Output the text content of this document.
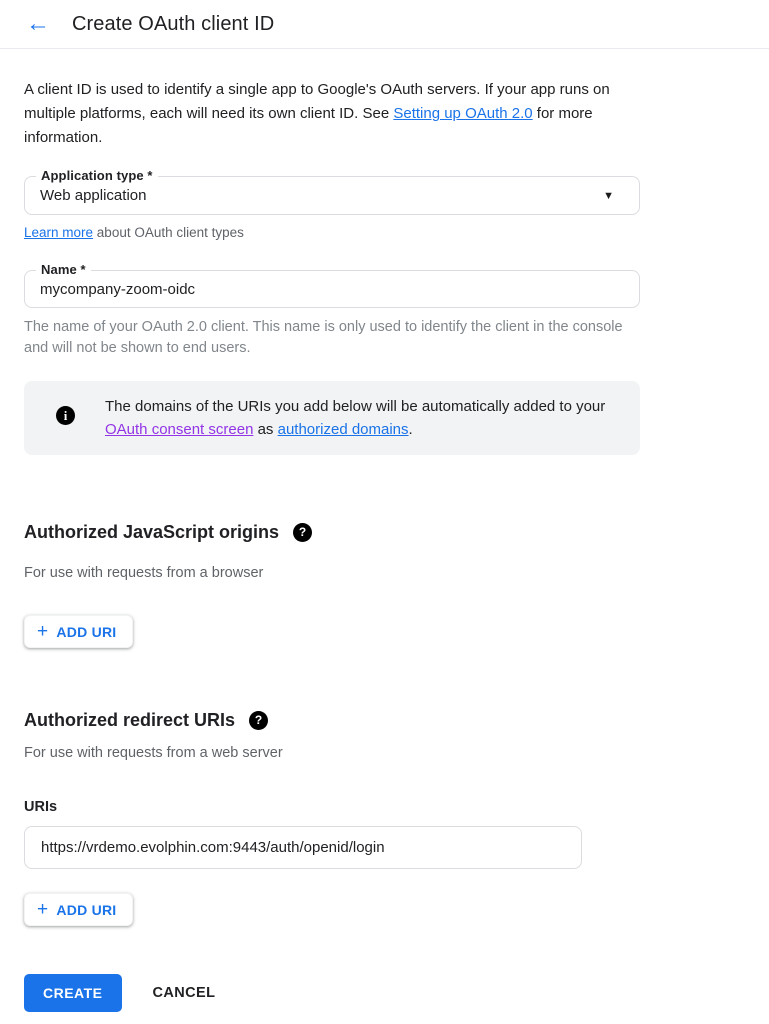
←	Create OAuth client ID

A client ID is used to identify a single app to Google's OAuth servers. If your app runs on multiple platforms, each will need its own client ID. See Setting up OAuth 2.0 for more information.

Application type *
Web application	▼

Learn more about OAuth client types

Name *
mycompany-zoom-oidc

The name of your OAuth 2.0 client. This name is only used to identify the client in the console and will not be shown to end users.

i

The domains of the URIs you add below will be automatically added to your OAuth consent screen as authorized domains.

Authorized JavaScript origins	?

For use with requests from a browser

+ ADD URI
Authorized redirect URIs	?

For use with requests from a web server

URIs

https://vrdemo.evolphin.com:9443/auth/openid/login
+ ADD URI
CREATE	CANCEL
